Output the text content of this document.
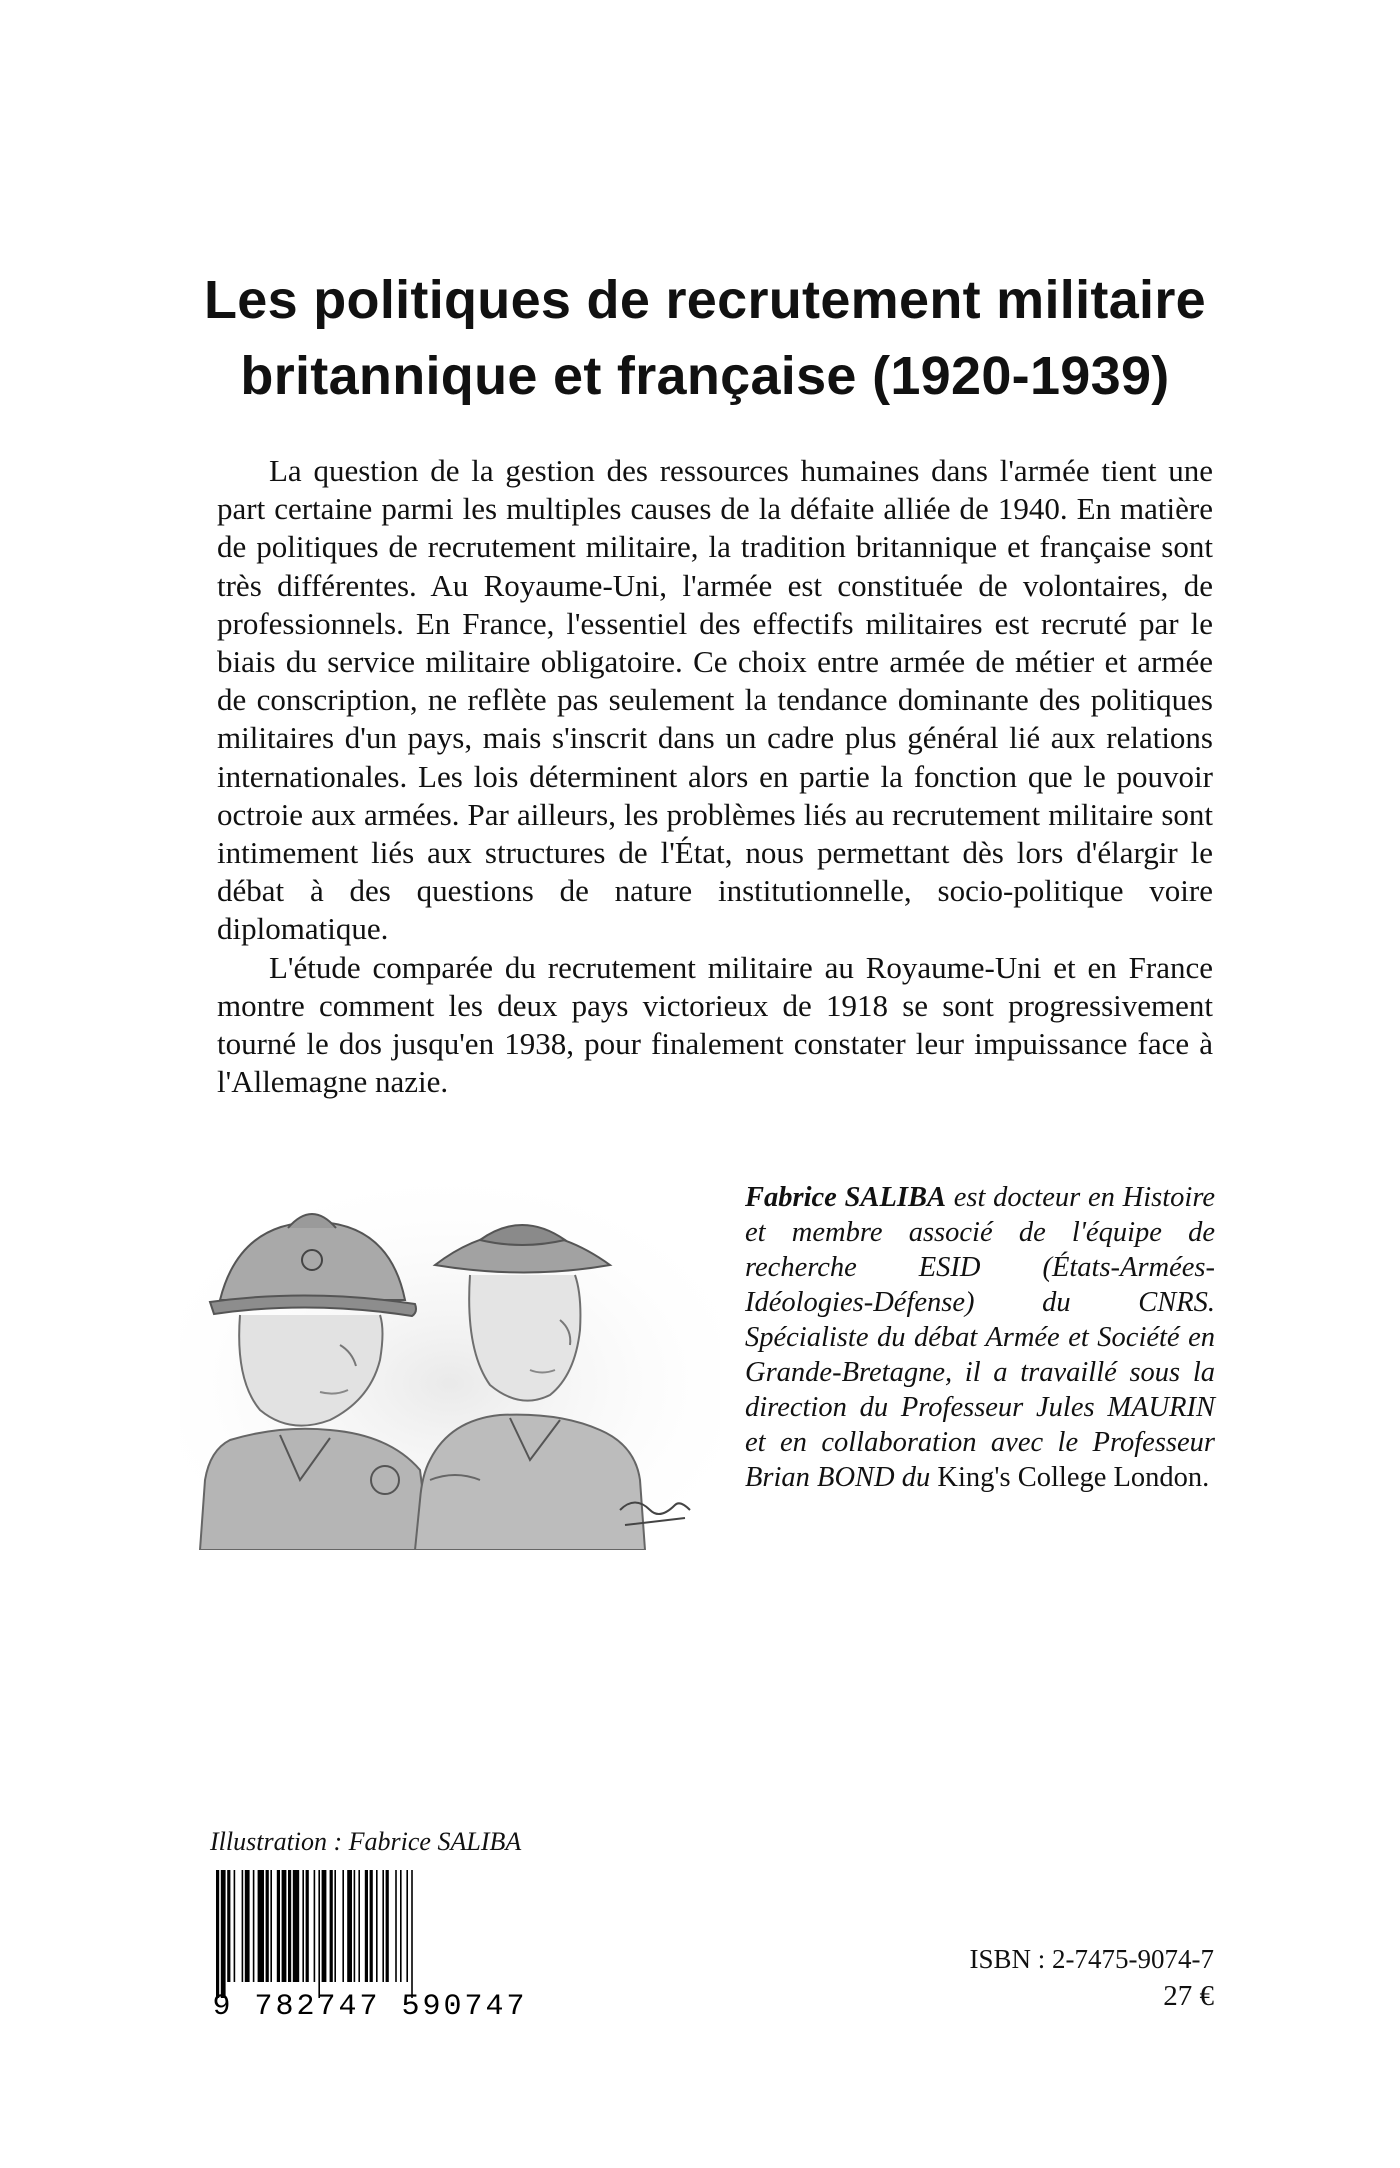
Les politiques de recrutement militaire
britannique et française (1920-1939)

La question de la gestion des ressources humaines dans l'armée tient une part certaine parmi les multiples causes de la défaite alliée de 1940. En matière de politiques de recrutement militaire, la tradition britannique et française sont très différentes. Au Royaume-Uni, l'armée est constituée de volontaires, de professionnels. En France, l'essentiel des effectifs militaires est recruté par le biais du service militaire obligatoire. Ce choix entre armée de métier et armée de conscription, ne reflète pas seulement la tendance dominante des politiques militaires d'un pays, mais s'inscrit dans un cadre plus général lié aux relations internationales. Les lois déterminent alors en partie la fonction que le pouvoir octroie aux armées. Par ailleurs, les problèmes liés au recrutement militaire sont intimement liés aux structures de l'État, nous permettant dès lors d'élargir le débat à des questions de nature institutionnelle, socio-politique voire diplomatique.

L'étude comparée du recrutement militaire au Royaume-Uni et en France montre comment les deux pays victorieux de 1918 se sont progressivement tourné le dos jusqu'en 1938, pour finalement constater leur impuissance face à l'Allemagne nazie.

Fabrice SALIBA est docteur en Histoire et membre associé de l'équipe de recherche ESID (États-Armées-Idéologies-Défense) du CNRS. Spécialiste du débat Armée et Société en Grande-Bretagne, il a travaillé sous la direction du Professeur Jules MAURIN et en collaboration avec le Professeur Brian BOND du King's College London.
Illustration : Fabrice SALIBA
9 782747 590747
ISBN : 2-7475-9074-7
27 €
